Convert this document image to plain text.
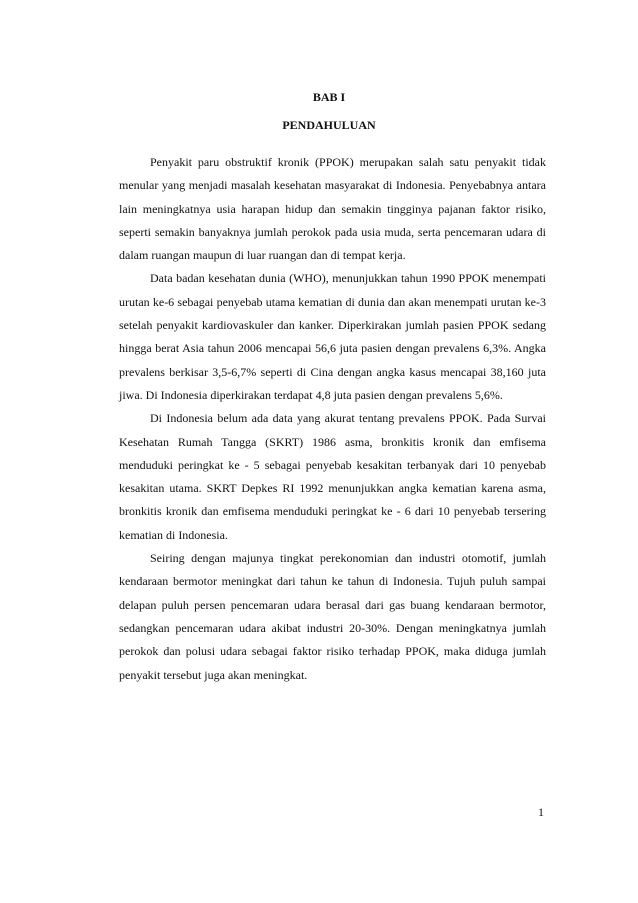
BAB I
PENDAHULUAN

Penyakit paru obstruktif kronik (PPOK) merupakan salah satu penyakit tidak menular yang menjadi masalah kesehatan masyarakat di Indonesia. Penyebabnya antara lain meningkatnya usia harapan hidup dan semakin tingginya pajanan faktor risiko, seperti semakin banyaknya jumlah perokok pada usia muda, serta pencemaran udara di dalam ruangan maupun di luar ruangan dan di tempat kerja.

Data badan kesehatan dunia (WHO), menunjukkan tahun 1990 PPOK menempati urutan ke-6 sebagai penyebab utama kematian di dunia dan akan menempati urutan ke-3 setelah penyakit kardiovaskuler dan kanker. Diperkirakan jumlah pasien PPOK sedang hingga berat Asia tahun 2006 mencapai 56,6 juta pasien dengan prevalens 6,3%. Angka prevalens berkisar 3,5-6,7% seperti di Cina dengan angka kasus mencapai 38,160 juta jiwa. Di Indonesia diperkirakan terdapat 4,8 juta pasien dengan prevalens 5,6%.

Di Indonesia belum ada data yang akurat tentang prevalens PPOK. Pada Survai Kesehatan Rumah Tangga (SKRT) 1986 asma, bronkitis kronik dan emfisema menduduki peringkat ke - 5 sebagai penyebab kesakitan terbanyak dari 10 penyebab kesakitan utama. SKRT Depkes RI 1992 menunjukkan angka kematian karena asma, bronkitis kronik dan emfisema menduduki peringkat ke - 6 dari 10 penyebab tersering kematian di Indonesia.

Seiring dengan majunya tingkat perekonomian dan industri otomotif, jumlah kendaraan bermotor meningkat dari tahun ke tahun di Indonesia. Tujuh puluh sampai delapan puluh persen pencemaran udara berasal dari gas buang kendaraan bermotor, sedangkan pencemaran udara akibat industri 20-30%. Dengan meningkatnya jumlah perokok dan polusi udara sebagai faktor risiko terhadap PPOK, maka diduga jumlah penyakit tersebut juga akan meningkat.

1
